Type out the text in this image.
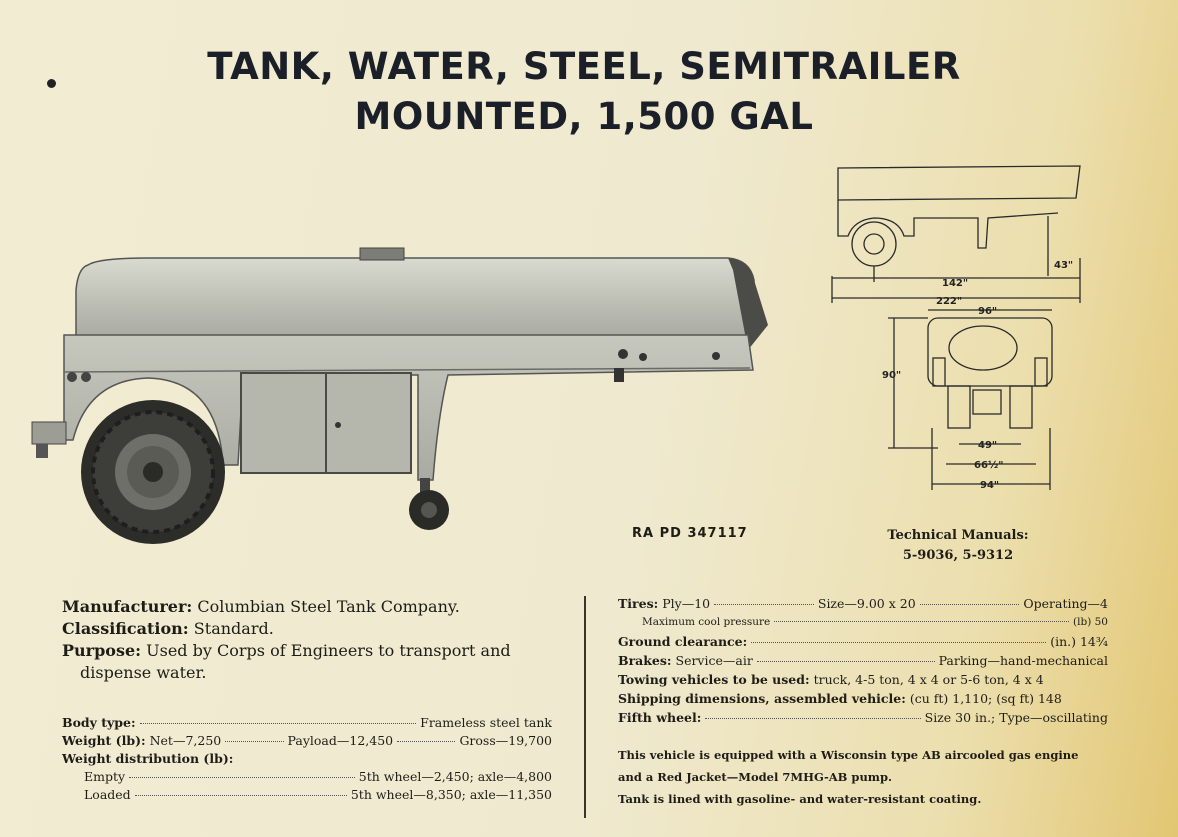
TANK, WATER, STEEL, SEMITRAILER
MOUNTED, 1,500 GAL
43"
142"
222"
96"
90"
49"
66½"
94"
RA PD 347117	Technical Manuals:
5-9036, 5-9312

Manufacturer: Columbian Steel Tank Company.

Classification: Standard.

Purpose: Used by Corps of Engineers to transport and dispense water.

Body type:	Frameless steel tank
Weight (lb):
Net—7,250	Payload—12,450	Gross—19,700
Weight distribution (lb):
Empty	5th wheel—2,450; axle—4,800
Loaded	5th wheel—8,350; axle—11,350
Tires:
Ply—10	Size—9.00 x 20	Operating—4
Maximum cool pressure	(lb) 50
Ground clearance:	(in.) 14¾
Brakes:
Service—air	Parking—hand-mechanical
Towing vehicles to be used:
truck, 4-5 ton, 4 x 4 or 5-6 ton, 4 x 4
Shipping dimensions, assembled vehicle:
(cu ft) 1,110; (sq ft) 148
Fifth wheel:	Size 30 in.; Type—oscillating

This vehicle is equipped with a Wisconsin type AB aircooled gas engine

and a Red Jacket—Model 7MHG-AB pump.

Tank is lined with gasoline- and water-resistant coating.
